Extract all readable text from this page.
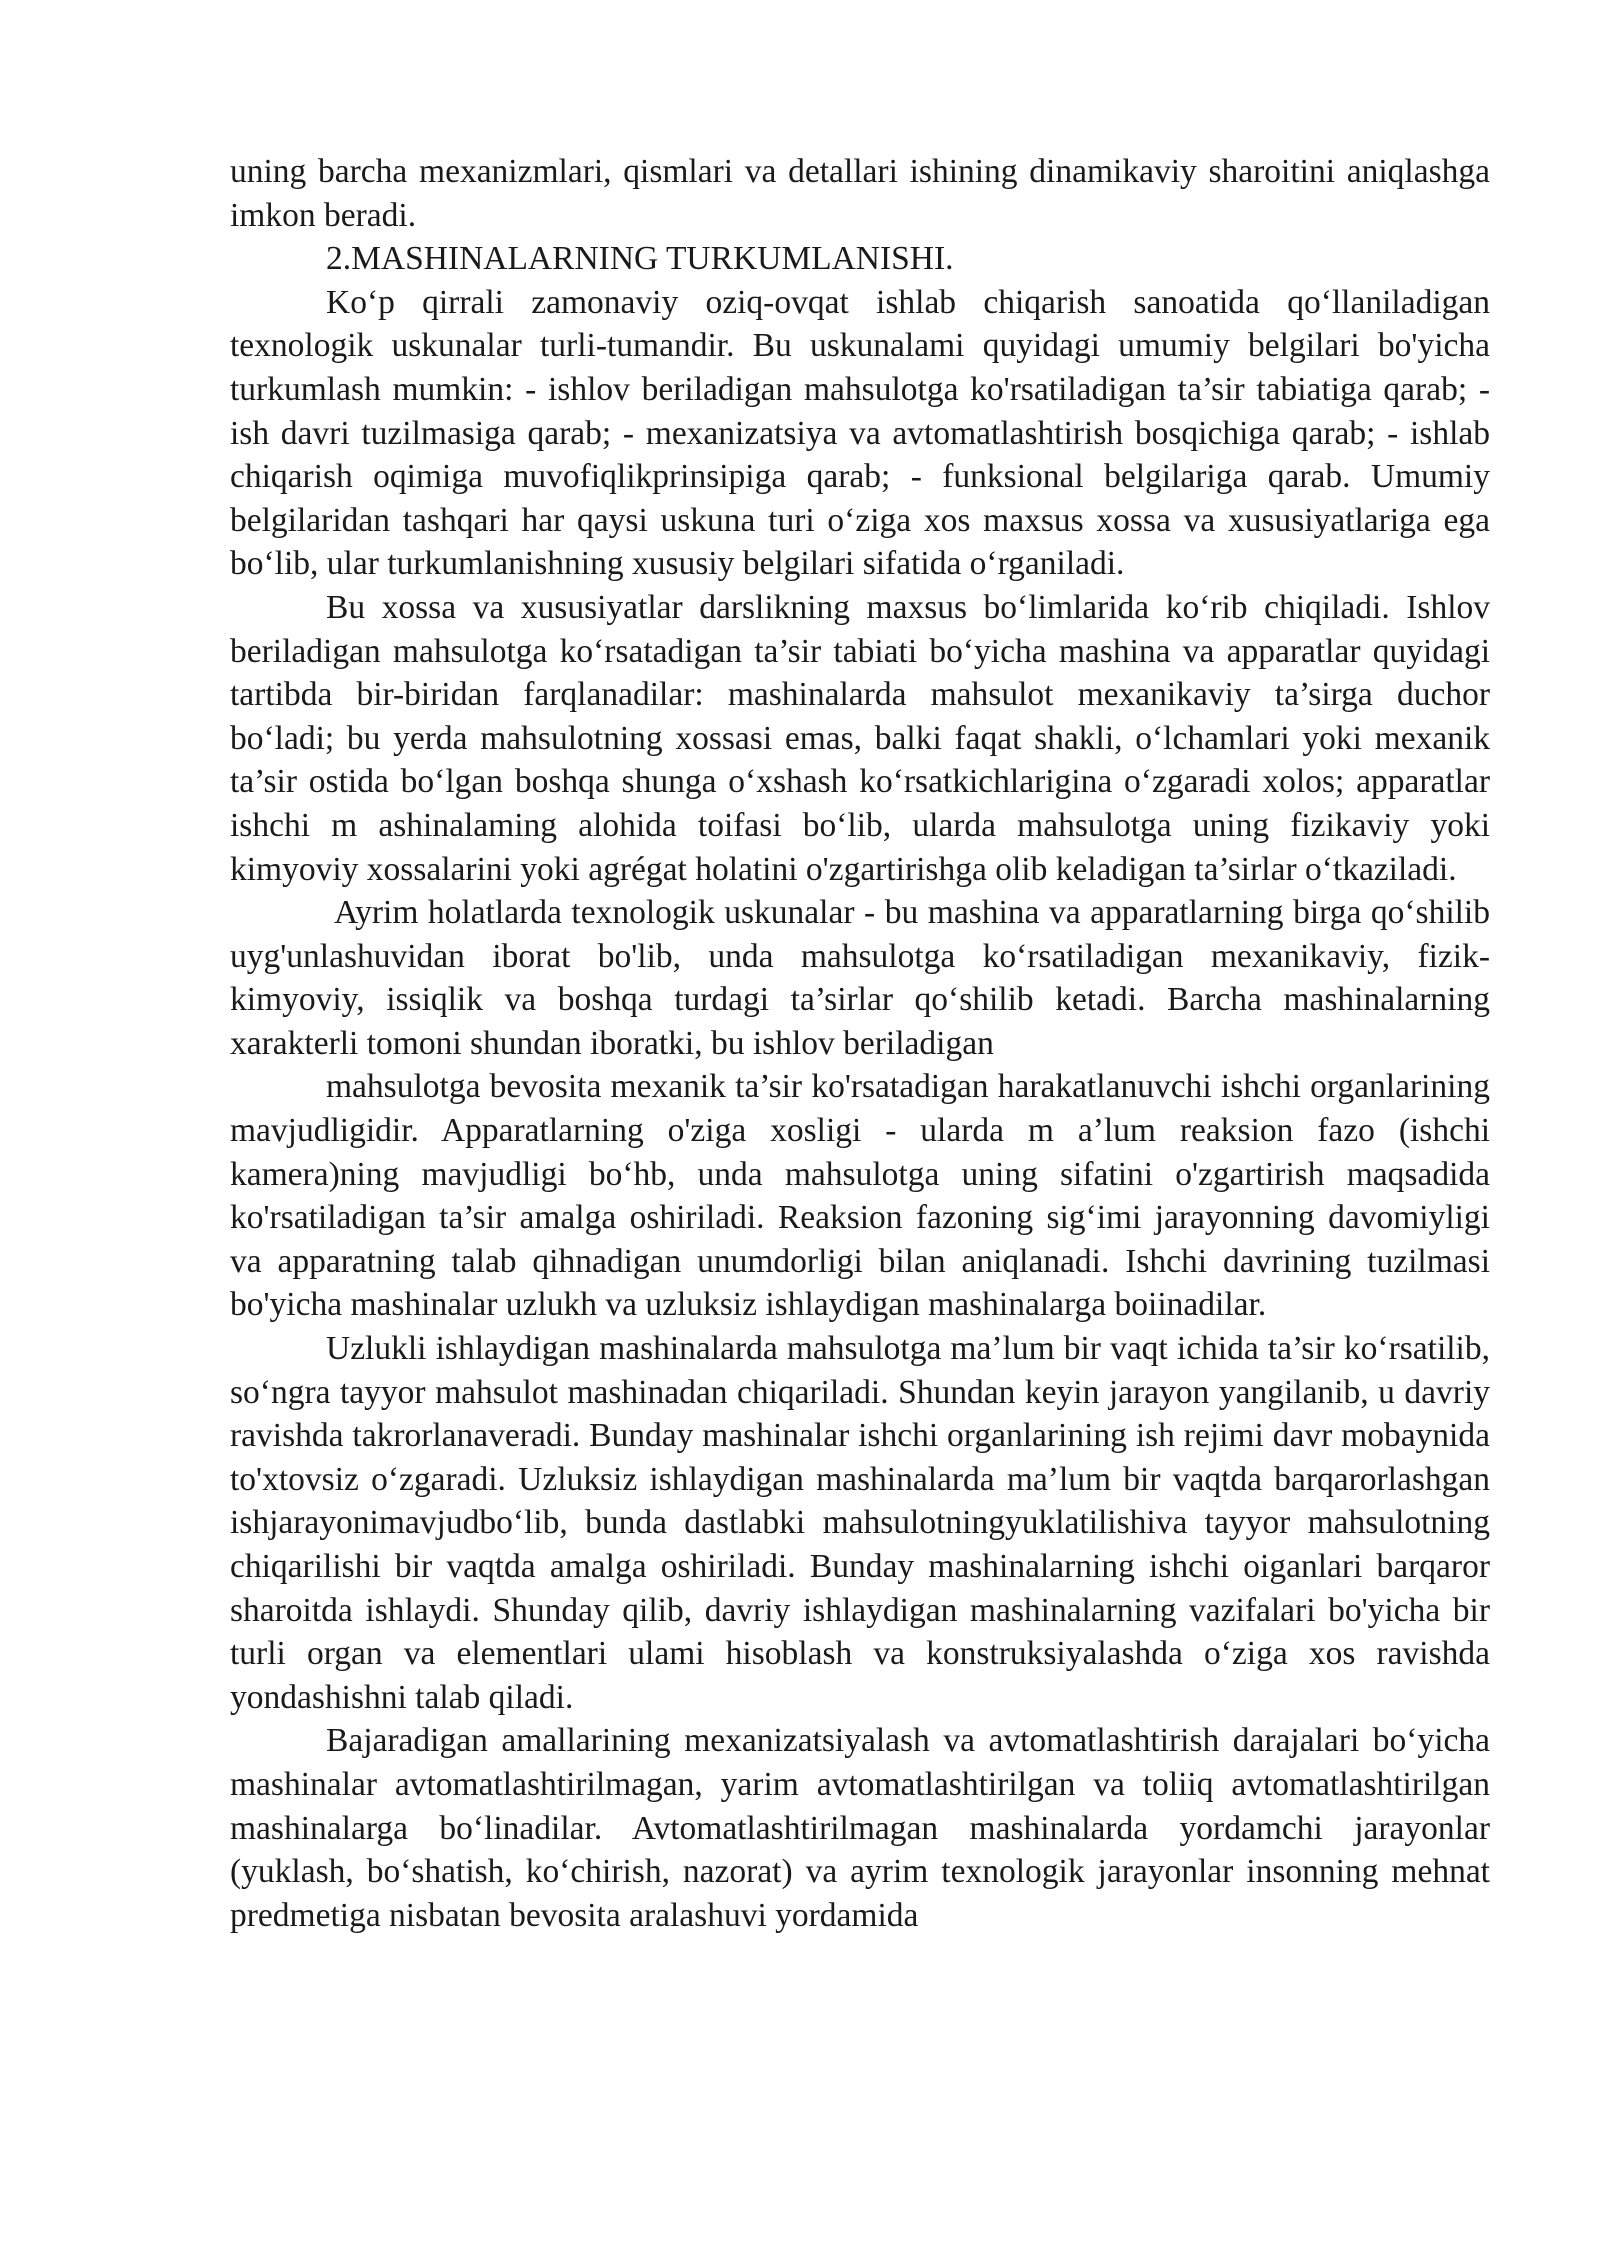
uning barcha mexanizmlari, qismlari va detallari ishining dinamikaviy sharoitini aniqlashga imkon beradi.

2.MASHINALARNING TURKUMLANISHI.

Ko‘p qirrali zamonaviy oziq-ovqat ishlab chiqarish sanoatida qo‘llaniladigan texnologik uskunalar turli-tumandir. Bu uskunalami quyidagi umumiy belgilari bo'yicha turkumlash mumkin: - ishlov beriladigan mahsulotga ko'rsatiladigan ta’sir tabiatiga qarab; - ish davri tuzilmasiga qarab; - mexanizatsiya va avtomatlashtirish bosqichiga qarab; - ishlab chiqarish oqimiga muvofiqlikprinsipiga qarab; - funksional belgilariga qarab. Umumiy belgilaridan tashqari har qaysi uskuna turi o‘ziga xos maxsus xossa va xususiyatlariga ega bo‘lib, ular turkumlanishning xususiy belgilari sifatida o‘rganiladi.

Bu xossa va xususiyatlar darslikning maxsus bo‘limlarida ko‘rib chiqiladi. Ishlov beriladigan mahsulotga ko‘rsatadigan ta’sir tabiati bo‘yicha mashina va apparatlar quyidagi tartibda bir-biridan farqlanadilar: mashinalarda mahsulot mexanikaviy ta’sirga duchor bo‘ladi; bu yerda mahsulotning xossasi emas, balki faqat shakli, o‘lchamlari yoki mexanik ta’sir ostida bo‘lgan boshqa shunga o‘xshash ko‘rsatkichlarigina o‘zgaradi xolos; apparatlar ishchi m ashinalaming alohida toifasi bo‘lib, ularda mahsulotga uning fizikaviy yoki kimyoviy xossalarini yoki agrégat holatini o'zgartirishga olib keladigan ta’sirlar o‘tkaziladi.

Ayrim holatlarda texnologik uskunalar - bu mashina va apparatlarning birga qo‘shilib uyg'unlashuvidan iborat bo'lib, unda mahsulotga ko‘rsatiladigan mexanikaviy, fizik-kimyoviy, issiqlik va boshqa turdagi ta’sirlar qo‘shilib ketadi. Barcha mashinalarning xarakterli tomoni shundan iboratki, bu ishlov beriladigan

mahsulotga bevosita mexanik ta’sir ko'rsatadigan harakatlanuvchi ishchi organlarining mavjudligidir. Apparatlarning o'ziga xosligi - ularda m a’lum reaksion fazo (ishchi kamera)ning mavjudligi bo‘hb, unda mahsulotga uning sifatini o'zgartirish maqsadida ko'rsatiladigan ta’sir amalga oshiriladi. Reaksion fazoning sig‘imi jarayonning davomiyligi va apparatning talab qihnadigan unumdorligi bilan aniqlanadi. Ishchi davrining tuzilmasi bo'yicha mashinalar uzlukh va uzluksiz ishlaydigan mashinalarga boiinadilar.

Uzlukli ishlaydigan mashinalarda mahsulotga ma’lum bir vaqt ichida ta’sir ko‘rsatilib, so‘ngra tayyor mahsulot mashinadan chiqariladi. Shundan keyin jarayon yangilanib, u davriy ravishda takrorlanaveradi. Bunday mashinalar ishchi organlarining ish rejimi davr mobaynida to'xtovsiz o‘zgaradi. Uzluksiz ishlaydigan mashinalarda ma’lum bir vaqtda barqarorlashgan ishjarayonimavjudbo‘lib, bunda dastlabki mahsulotningyuklatilishiva tayyor mahsulotning chiqarilishi bir vaqtda amalga oshiriladi. Bunday mashinalarning ishchi oiganlari barqaror sharoitda ishlaydi. Shunday qilib, davriy ishlaydigan mashinalarning vazifalari bo'yicha bir turli organ va elementlari ulami hisoblash va konstruksiyalashda o‘ziga xos ravishda yondashishni talab qiladi.

Bajaradigan amallarining mexanizatsiyalash va avtomatlashtirish darajalari bo‘yicha mashinalar avtomatlashtirilmagan, yarim avtomatlashtirilgan va toliiq avtomatlashtirilgan mashinalarga bo‘linadilar. Avtomatlashtirilmagan mashinalarda yordamchi jarayonlar (yuklash, bo‘shatish, ko‘chirish, nazorat) va ayrim texnologik jarayonlar insonning mehnat predmetiga nisbatan bevosita aralashuvi yordamida
